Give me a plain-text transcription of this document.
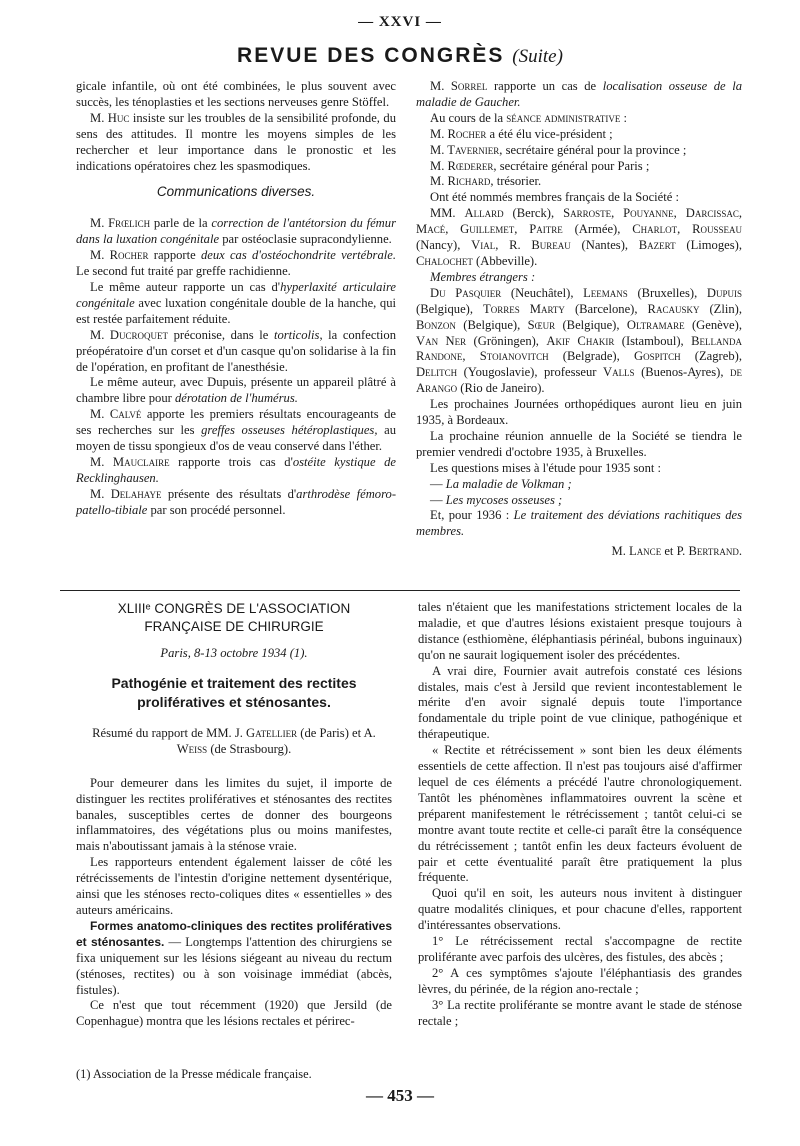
— XXVI —
REVUE DES CONGRÈS (Suite)

gicale infantile, où ont été combinées, le plus souvent avec succès, les ténoplasties et les sections nerveuses genre Stöffel.

M. Huc insiste sur les troubles de la sensibilité profonde, du sens des attitudes. Il montre les moyens simples de les rechercher et leur importance dans le pronostic et les indications opératoires chez les spasmodiques.

Communications diverses.

M. Frœlich parle de la correction de l'antétorsion du fémur dans la luxation congénitale par ostéoclasie supracondylienne.

M. Rocher rapporte deux cas d'ostéochondrite vertébrale. Le second fut traité par greffe rachidienne.

Le même auteur rapporte un cas d'hyperlaxité articulaire congénitale avec luxation congénitale double de la hanche, qui est restée parfaitement réduite.

M. Ducroquet préconise, dans le torticolis, la confection préopératoire d'un corset et d'un casque qu'on solidarise à la fin de l'opération, en profitant de l'anesthésie.

Le même auteur, avec Dupuis, présente un appareil plâtré à chambre libre pour dérotation de l'humérus.

M. Calvé apporte les premiers résultats encourageants de ses recherches sur les greffes osseuses hétéroplastiques, au moyen de tissu spongieux d'os de veau conservé dans l'éther.

M. Mauclaire rapporte trois cas d'ostéite kystique de Recklinghausen.

M. Delahaye présente des résultats d'arthrodèse fémoro-patello-tibiale par son procédé personnel.

M. Sorrel rapporte un cas de localisation osseuse de la maladie de Gaucher.

Au cours de la séance administrative :

M. Rocher a été élu vice-président ;

M. Tavernier, secrétaire général pour la province ;

M. Rœderer, secrétaire général pour Paris ;

M. Richard, trésorier.

Ont été nommés membres français de la Société :

MM. Allard (Berck), Sarroste, Pouyanne, Darcissac, Macé, Guillemet, Paitre (Armée), Charlot, Rousseau (Nancy), Vial, R. Bureau (Nantes), Bazert (Limoges), Chalochet (Abbeville).

Membres étrangers :

Du Pasquier (Neuchâtel), Leemans (Bruxelles), Dupuis (Belgique), Torres Marty (Barcelone), Racausky (Zlin), Bonzon (Belgique), Sœur (Belgique), Oltramare (Genève), Van Ner (Gröningen), Akif Chakir (Istamboul), Bellanda Randone, Stoianovitch (Belgrade), Gospitch (Zagreb), Delitch (Yougoslavie), professeur Valls (Buenos-Ayres), de Arango (Rio de Janeiro).

Les prochaines Journées orthopédiques auront lieu en juin 1935, à Bordeaux.

La prochaine réunion annuelle de la Société se tiendra le premier vendredi d'octobre 1935, à Bruxelles.

Les questions mises à l'étude pour 1935 sont :

— La maladie de Volkman ;

— Les mycoses osseuses ;

Et, pour 1936 : Le traitement des déviations rachitiques des membres.

M. Lance et P. Bertrand.

XLIIIᵉ CONGRÈS DE L'ASSOCIATION
FRANÇAISE DE CHIRURGIE

Paris, 8-13 octobre 1934 (1).

Pathogénie et traitement des rectites
prolifératives et sténosantes.

Résumé du rapport de MM. J. Gatellier (de Paris) et A. Weiss (de Strasbourg).

Pour demeurer dans les limites du sujet, il importe de distinguer les rectites prolifératives et sténosantes des rectites banales, susceptibles certes de donner des bourgeons inflammatoires, des végétations plus ou moins manifestes, mais n'aboutissant jamais à la sténose vraie.

Les rapporteurs entendent également laisser de côté les rétrécissements de l'intestin d'origine nettement dysentérique, ainsi que les sténoses recto-coliques dites « essentielles » des auteurs américains.

Formes anatomo-cliniques des rectites prolifératives et sténosantes. — Longtemps l'attention des chirurgiens se fixa uniquement sur les lésions siégeant au niveau du rectum (sténoses, rectites) ou à son voisinage immédiat (abcès, fistules).

Ce n'est que tout récemment (1920) que Jersild (de Copenhague) montra que les lésions rectales et périrec-

(1) Association de la Presse médicale française.

tales n'étaient que les manifestations strictement locales de la maladie, et que d'autres lésions existaient presque toujours à distance (esthiomène, éléphantiasis périnéal, bubons inguinaux) qu'on ne saurait logiquement isoler des précédentes.

A vrai dire, Fournier avait autrefois constaté ces lésions distales, mais c'est à Jersild que revient incontestablement le mérite d'en avoir signalé depuis toute l'importance fondamentale du triple point de vue clinique, pathogénique et thérapeutique.

« Rectite et rétrécissement » sont bien les deux éléments essentiels de cette affection. Il n'est pas toujours aisé d'affirmer lequel de ces éléments a précédé l'autre chronologiquement. Tantôt les phénomènes inflammatoires ouvrent la scène et préparent manifestement le rétrécissement ; tantôt celui-ci se montre avant toute rectite et celle-ci paraît être la conséquence du rétrécissement ; tantôt enfin les deux facteurs évoluent de pair et cette éventualité paraît être pratiquement la plus fréquente.

Quoi qu'il en soit, les auteurs nous invitent à distinguer quatre modalités cliniques, et pour chacune d'elles, rapportent d'intéressantes observations.

1° Le rétrécissement rectal s'accompagne de rectite proliférante avec parfois des ulcères, des fistules, des abcès ;

2° A ces symptômes s'ajoute l'éléphantiasis des grandes lèvres, du périnée, de la région ano-rectale ;

3° La rectite proliférante se montre avant le stade de sténose rectale ;

— 453 —
